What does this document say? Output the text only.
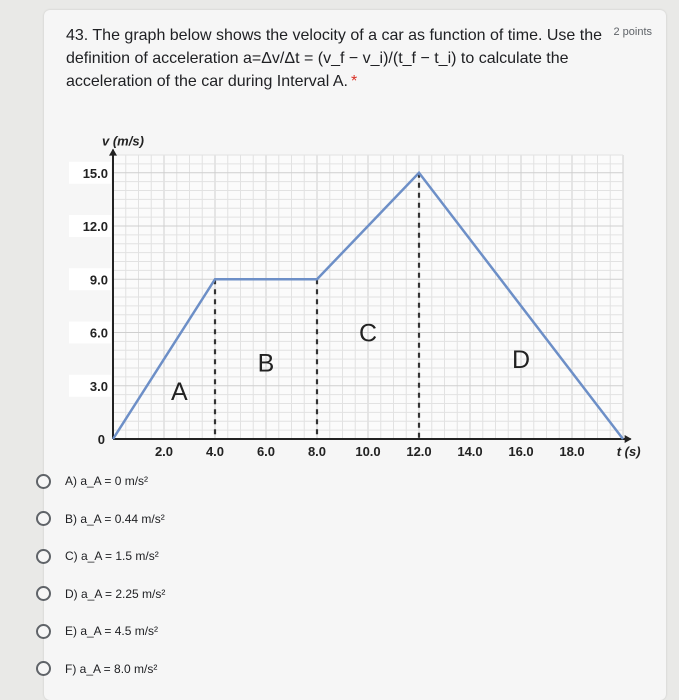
43. The graph below shows the velocity of a car as function of time. Use the definition of acceleration a=Δv/Δt = (v_f − v_i)/(t_f − t_i) to calculate the acceleration of the car during Interval A. *
2 points
3.0
6.0
9.0
12.0
15.0
0
2.0	4.0	6.0	8.0 10.0 12.0 14.0 16.0 18.0
v (m/s)
t (s)
A
B
C
D
A) a_A = 0 m/s²
B) a_A = 0.44 m/s²
C) a_A = 1.5 m/s²
D) a_A = 2.25 m/s²
E) a_A = 4.5 m/s²
F) a_A = 8.0 m/s²
